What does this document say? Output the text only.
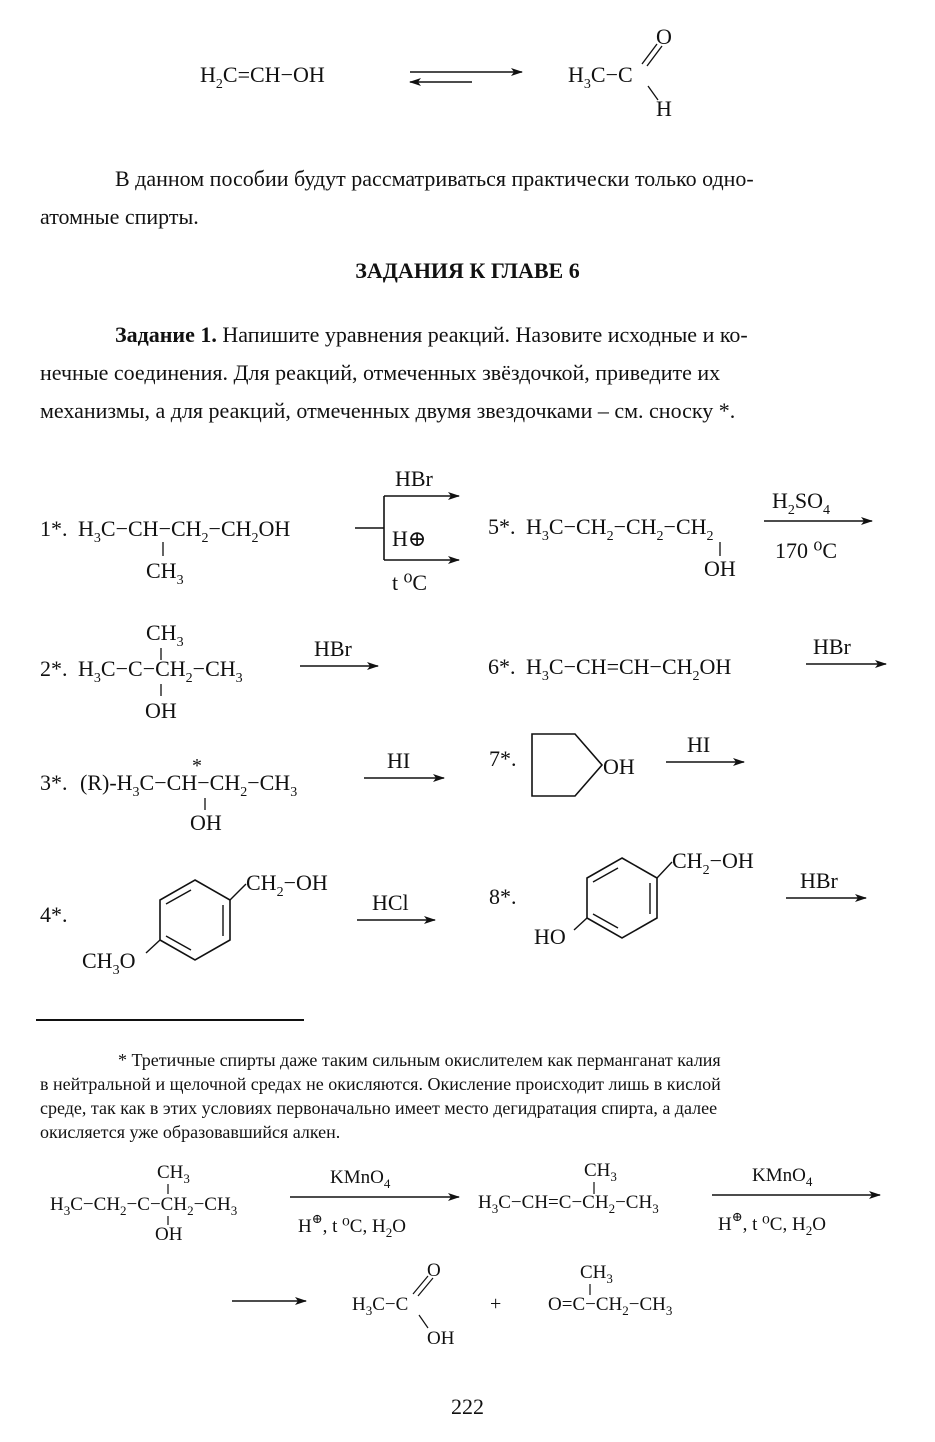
$H_2C=CH-OH$	$H_3C-C$
O
H
1*. $H_3C-CH-CH_2-CH_2OH$
$CH_3$
HBr
H⊕
t ⁰C
5*. $H_3C-CH_2-CH_2-CH_2$
OH
$H_2SO_4$
170 ⁰C
$CH_3$
2*. $H_3C-C-CH_2-CH_3$
OH
HBr
6*. $H_3C-CH=CH-CH_2OH$
HBr
*
3*. $(R)-H_3C-CH-CH_2-CH_3$
OH
HI	7*.	OH
HI
4*.
$CH_2-OH$
$CH_3O$
HCl	8*.
$CH_2-OH$
HO
HBr
$CH_3$
$H_3C-CH_2-C-CH_2-CH_3$
OH
KMnO$_4$
H⊕, t ⁰C, $H_2O$
$CH_3$
$H_3C-CH=C-CH_2-CH_3$
KMnO$_4$
H⊕, t ⁰C, $H_2O$
O
$H_3C-C$
OH
+
$CH_3$
$O=C-CH_2-CH_3$
В данном пособии будут рассматриваться практически только одно-
атомные спирты.
ЗАДАНИЯ К ГЛАВЕ 6
Задание 1. Напишите уравнения реакций. Назовите исходные и ко-
нечные соединения. Для реакций, отмеченных звёздочкой, приведите их
механизмы, а для реакций, отмеченных двумя звездочками – см. сноску *.
* Третичные спирты даже таким сильным окислителем как перманганат калия
в нейтральной и щелочной средах не окисляются. Окисление происходит лишь в кислой
среде, так как в этих условиях первоначально имеет место дегидратация спирта, а далее
окисляется уже образовавшийся алкен.
222
